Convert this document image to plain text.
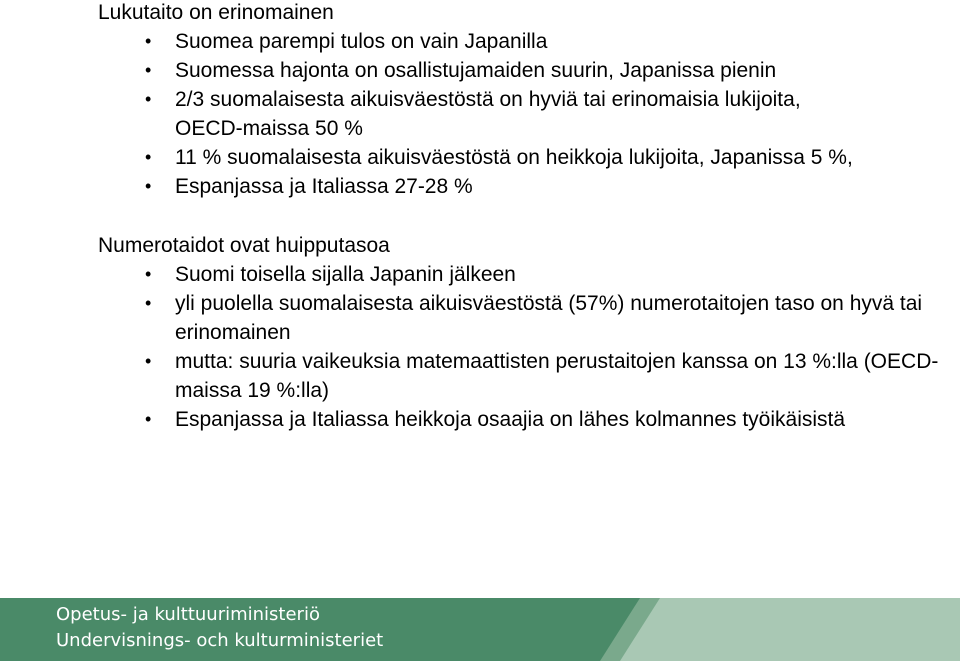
Lukutaito on erinomainen

• Suomea parempi tulos on vain Japanilla
• Suomessa hajonta on osallistujamaiden suurin, Japanissa pienin
• 2/3 suomalaisesta aikuisväestöstä on hyviä tai erinomaisia lukijoita, OECD-maissa 50 %
• 11 % suomalaisesta aikuisväestöstä on heikkoja lukijoita, Japanissa 5 %,
• Espanjassa ja Italiassa 27-28 %

Numerotaidot ovat huipputasoa

• Suomi toisella sijalla Japanin jälkeen
• yli puolella suomalaisesta aikuisväestöstä (57%) numerotaitojen taso on hyvä tai erinomainen
• mutta: suuria vaikeuksia matemaattisten perustaitojen kanssa on 13 %:lla (OECD-maissa 19 %:lla)
• Espanjassa ja Italiassa heikkoja osaajia on lähes kolmannes työikäisistä
Opetus- ja kulttuuriministeriö
Undervisnings- och kulturministeriet
